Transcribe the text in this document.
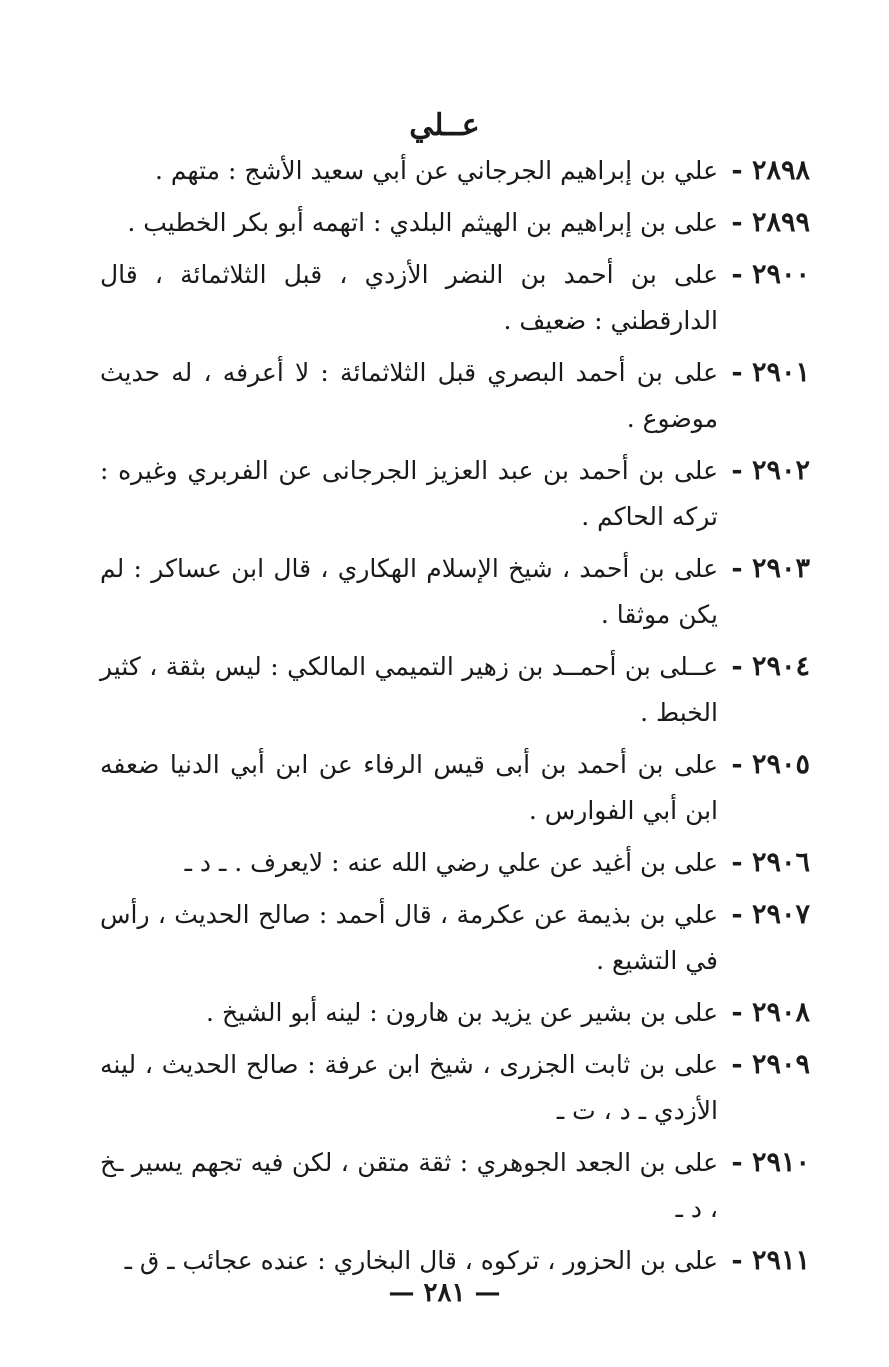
عــلي
٢٨٩٨ -
علي بن إبراهيم الجرجاني عن أبي سعيد الأشج : متهم .
٢٨٩٩ -
على بن إبراهيم بن الهيثم البلدي : اتهمه أبو بكر الخطيب .
٢٩٠٠ -
على بن أحمد بن النضر الأزدي ، قبل الثلاثمائة ، قال الدارقطني : ضعيف .
٢٩٠١ -
على بن أحمد البصري قبل الثلاثمائة : لا أعرفه ، له حديث موضوع .
٢٩٠٢ -
على بن أحمد بن عبد العزيز الجرجانى عن الفربري وغيره : تركه الحاكم .
٢٩٠٣ -
على بن أحمد ، شيخ الإسلام الهكاري ، قال ابن عساكر : لم يكن موثقا .
٢٩٠٤ -
عــلى بن أحمــد بن زهير التميمي المالكي : ليس بثقة ، كثير الخبط .
٢٩٠٥ -
على بن أحمد بن أبى قيس الرفاء عن ابن أبي الدنيا ضعفه ابن أبي الفوارس .
٢٩٠٦ -
على بن أغيد عن علي رضي الله عنه : لايعرف . ـ د ـ
٢٩٠٧ -
علي بن بذيمة عن عكرمة ، قال أحمد : صالح الحديث ، رأس في التشيع .
٢٩٠٨ -
على بن بشير عن يزيد بن هارون : لينه أبو الشيخ .
٢٩٠٩ -
على بن ثابت الجزرى ، شيخ ابن عرفة : صالح الحديث ، لينه الأزدي ـ د ، ت ـ
٢٩١٠ -
على بن الجعد الجوهري : ثقة متقن ، لكن فيه تجهم يسير ـخ ، د ـ
٢٩١١ -
على بن الحزور ، تركوه ، قال البخاري : عنده عجائب ـ ق ـ
— ٢٨١ —
